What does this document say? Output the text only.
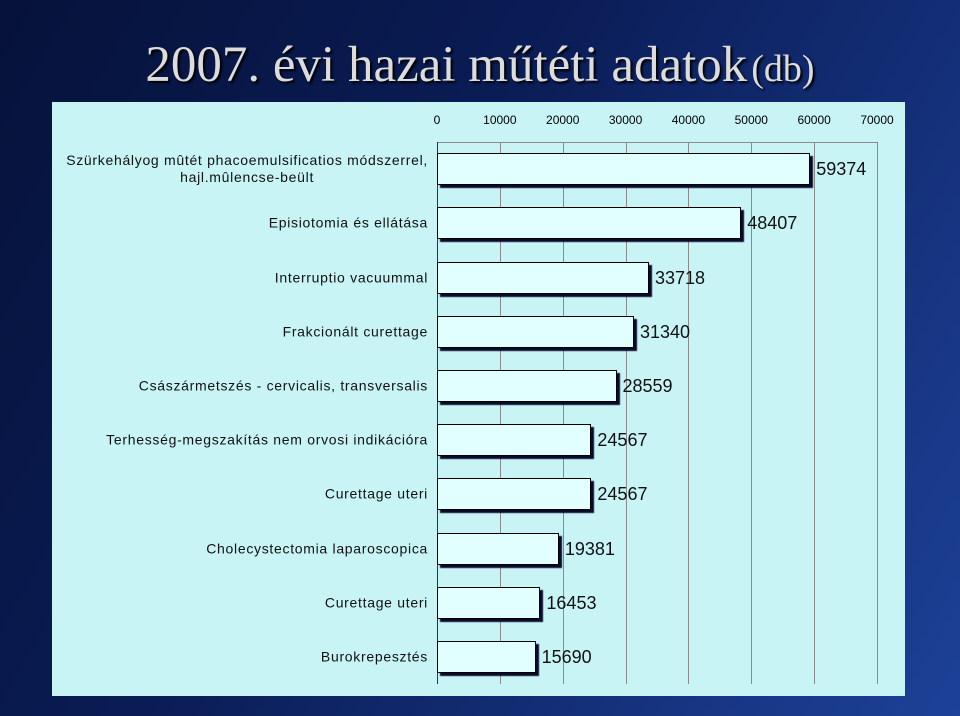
2007. évi hazai műtéti adatok (db)
0	10000 20000 30000 40000 50000 60000 70000
Szürkehályog mûtét phacoemulsificatios módszerrel,
hajl.mûlencse-beült	59374
Episiotomia és ellátása	48407
Interruptio vacuummal	33718
Frakcionált curettage	31340
Császármetszés - cervicalis, transversalis	28559
Terhesség-megszakítás nem orvosi indikációra	24567
Curettage uteri	24567
Cholecystectomia laparoscopica	19381
Curettage uteri	16453
Burokrepesztés	15690
